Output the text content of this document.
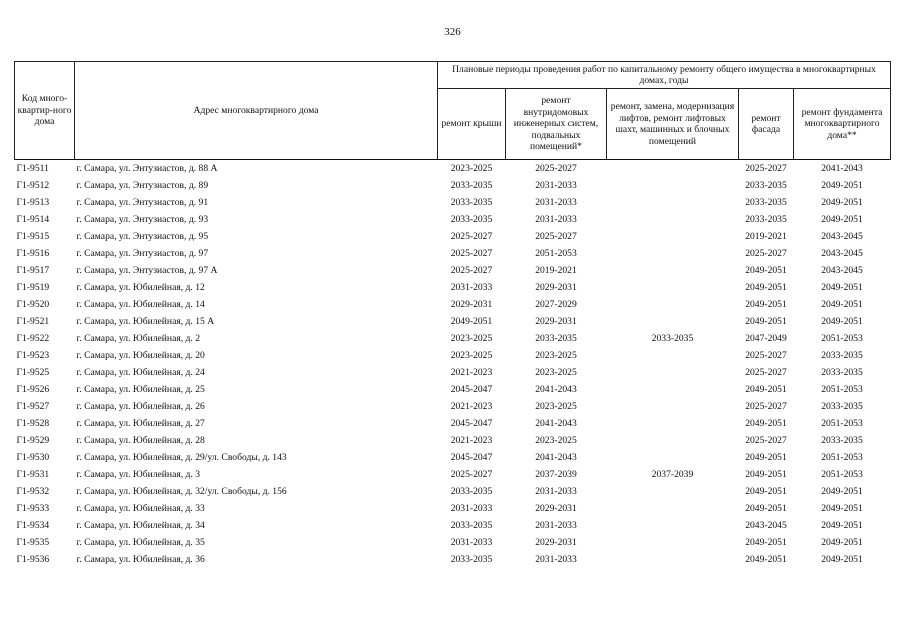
326
Код много-квартир-ного дома	Адрес многоквартирного дома	Плановые периоды проведения работ по капитальному ремонту общего имущества в многоквартирных домах, годы				
		ремонт крыши	ремонт внутридомовых инженерных систем, подвальных помещений*	ремонт, замена, модернизация лифтов, ремонт лифтовых шахт, машинных и блочных помещений	ремонт фасада	ремонт фундамента многоквартирного дома**
Г1-9511	г. Самара, ул. Энтузиастов, д. 88 А	2023-2025	2025-2027		2025-2027	2041-2043
Г1-9512	г. Самара, ул. Энтузиастов, д. 89	2033-2035	2031-2033		2033-2035	2049-2051
Г1-9513	г. Самара, ул. Энтузиастов, д. 91	2033-2035	2031-2033		2033-2035	2049-2051
Г1-9514	г. Самара, ул. Энтузиастов, д. 93	2033-2035	2031-2033		2033-2035	2049-2051
Г1-9515	г. Самара, ул. Энтузиастов, д. 95	2025-2027	2025-2027		2019-2021	2043-2045
Г1-9516	г. Самара, ул. Энтузиастов, д. 97	2025-2027	2051-2053		2025-2027	2043-2045
Г1-9517	г. Самара, ул. Энтузиастов, д. 97 А	2025-2027	2019-2021		2049-2051	2043-2045
Г1-9519	г. Самара, ул. Юбилейная, д. 12	2031-2033	2029-2031		2049-2051	2049-2051
Г1-9520	г. Самара, ул. Юбилейная, д. 14	2029-2031	2027-2029		2049-2051	2049-2051
Г1-9521	г. Самара, ул. Юбилейная, д. 15 А	2049-2051	2029-2031		2049-2051	2049-2051
Г1-9522	г. Самара, ул. Юбилейная, д. 2	2023-2025	2033-2035	2033-2035	2047-2049	2051-2053
Г1-9523	г. Самара, ул. Юбилейная, д. 20	2023-2025	2023-2025		2025-2027	2033-2035
Г1-9525	г. Самара, ул. Юбилейная, д. 24	2021-2023	2023-2025		2025-2027	2033-2035
Г1-9526	г. Самара, ул. Юбилейная, д. 25	2045-2047	2041-2043		2049-2051	2051-2053
Г1-9527	г. Самара, ул. Юбилейная, д. 26	2021-2023	2023-2025		2025-2027	2033-2035
Г1-9528	г. Самара, ул. Юбилейная, д. 27	2045-2047	2041-2043		2049-2051	2051-2053
Г1-9529	г. Самара, ул. Юбилейная, д. 28	2021-2023	2023-2025		2025-2027	2033-2035
Г1-9530	г. Самара, ул. Юбилейная, д. 29/ул. Свободы, д. 143	2045-2047	2041-2043		2049-2051	2051-2053
Г1-9531	г. Самара, ул. Юбилейная, д. 3	2025-2027	2037-2039	2037-2039	2049-2051	2051-2053
Г1-9532	г. Самара, ул. Юбилейная, д. 32/ул. Свободы, д. 156	2033-2035	2031-2033		2049-2051	2049-2051
Г1-9533	г. Самара, ул. Юбилейная, д. 33	2031-2033	2029-2031		2049-2051	2049-2051
Г1-9534	г. Самара, ул. Юбилейная, д. 34	2033-2035	2031-2033		2043-2045	2049-2051
Г1-9535	г. Самара, ул. Юбилейная, д. 35	2031-2033	2029-2031		2049-2051	2049-2051
Г1-9536	г. Самара, ул. Юбилейная, д. 36	2033-2035	2031-2033		2049-2051	2049-2051
